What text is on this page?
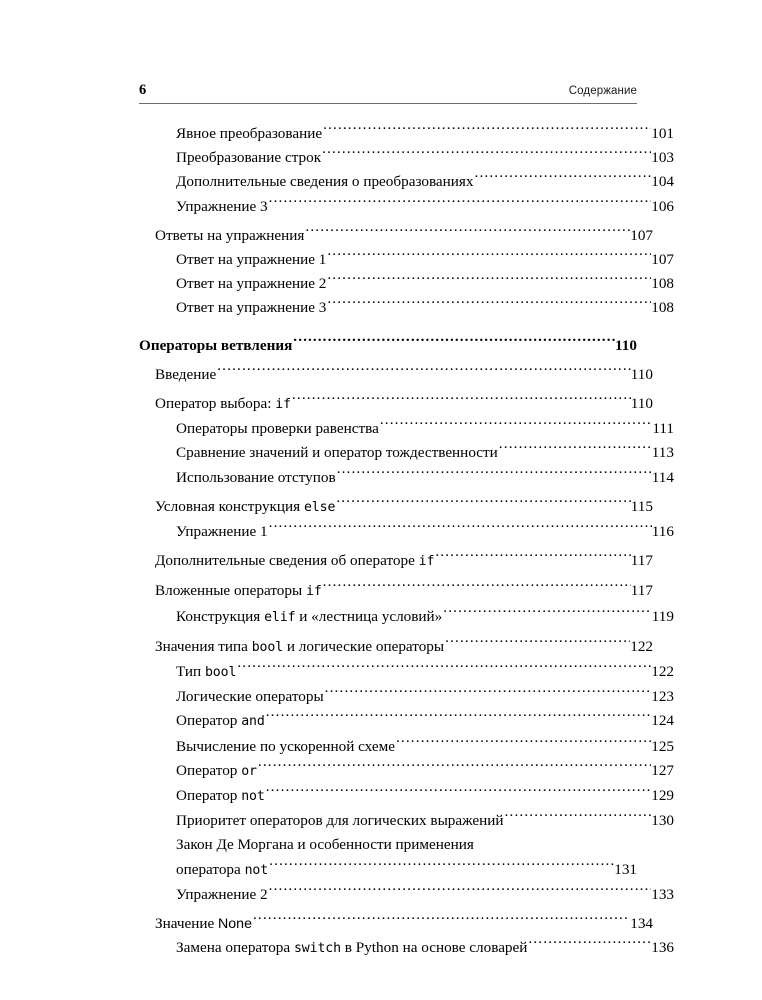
6	Содержание
Явное преобразование .....	101
Преобразование строк .....	103
Дополнительные сведения о преобразованиях .....	104
Упражнение 3 .....	106
Ответы на упражнения .....	107
Ответ на упражнение 1 .....	107
Ответ на упражнение 2 .....	108
Ответ на упражнение 3 .....	108
Операторы ветвления .....	110
Введение .....	110
Оператор выбора: if .....	110
Операторы проверки равенства .....	111
Сравнение значений и оператор тождественности .....	113
Использование отступов .....	114
Условная конструкция else .....	115
Упражнение 1 .....	116
Дополнительные сведения об операторе if .....	117
Вложенные операторы if .....	117
Конструкция elif и «лестница условий» .....	119
Значения типа bool и логические операторы .....	122
Тип bool .....	122
Логические операторы .....	123
Оператор and .....	124
Вычисление по ускоренной схеме .....	125
Оператор or .....	127
Оператор not .....	129
Приоритет операторов для логических выражений .....	130
Закон Де Моргана и особенности применения
оператора not .....	131
Упражнение 2 .....	133
Значение None .....	134
Замена оператора switch в Python на основе словарей .....	136
